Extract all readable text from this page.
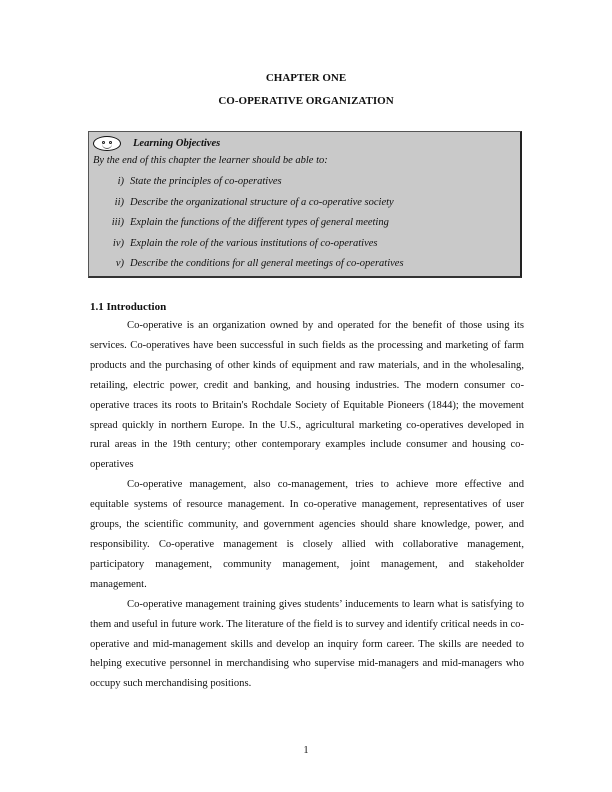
CHAPTER ONE
CO-OPERATIVE ORGANIZATION
Learning Objectives
By the end of this chapter the learner should be able to:
i) State the principles of co-operatives
ii) Describe the organizational structure of a co-operative society
iii) Explain the functions of the different types of general meeting
iv) Explain the role of the various institutions of co-operatives
v) Describe the conditions for all general meetings of co-operatives
1.1 Introduction

Co-operative is an organization owned by and operated for the benefit of those using its services. Co-operatives have been successful in such fields as the processing and marketing of farm products and the purchasing of other kinds of equipment and raw materials, and in the wholesaling, retailing, electric power, credit and banking, and housing industries. The modern consumer co-operative traces its roots to Britain's Rochdale Society of Equitable Pioneers (1844); the movement spread quickly in northern Europe. In the U.S., agricultural marketing co-operatives developed in rural areas in the 19th century; other contemporary examples include consumer and housing co-operatives

Co-operative management, also co-management, tries to achieve more effective and equitable systems of resource management. In co-operative management, representatives of user groups, the scientific community, and government agencies should share knowledge, power, and responsibility. Co-operative management is closely allied with collaborative management, participatory management, community management, joint management, and stakeholder management.

Co-operative management training gives students’ inducements to learn what is satisfying to them and useful in future work. The literature of the field is to survey and identify critical needs in co-operative and mid-management skills and develop an inquiry form career. The skills are needed to helping executive personnel in merchandising who supervise mid-managers and mid-managers who occupy such merchandising positions.

1
